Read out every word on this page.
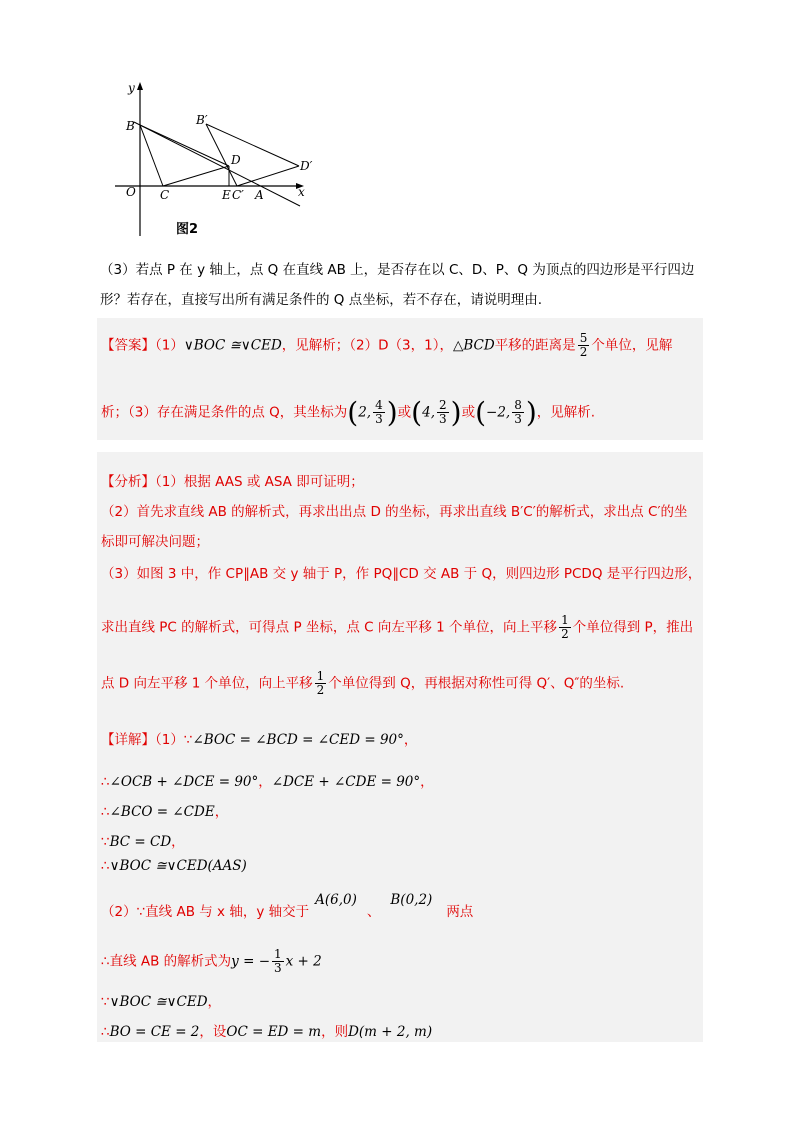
y
x
B	B′
D	D′
O C	E C′ A
图2
（3）若点 P 在 y 轴上，点 Q 在直线 AB 上，是否存在以 C、D、P、Q 为顶点的四边形是平行四边
形？若存在，直接写出所有满足条件的 Q 点坐标，若不存在，请说明理由.
【答案】（1）∨BOC ≅∨CED，见解析；（2）D（3，1），△BCD平移的距离是 $\frac{5}{2}$ 个单位，见解
析；（3）存在满足条件的点 Q，其坐标为(2, $\frac{4}{3}$ )或(4, $\frac{2}{3}$ )或(−2, $\frac{8}{3}$ )，见解析.
【分析】（1）根据 AAS 或 ASA 即可证明；
（2）首先求直线 AB 的解析式，再求出出点 D 的坐标，再求出直线 B′C′的解析式，求出点 C′的坐
标即可解决问题；
（3）如图 3 中，作 CP∥AB 交 y 轴于 P，作 PQ∥CD 交 AB 于 Q，则四边形 PCDQ 是平行四边形，
求出直线 PC 的解析式，可得点 P 坐标，点 C 向左平移 1 个单位，向上平移 $\frac{1}{2}$ 个单位得到 P，推出
点 D 向左平移 1 个单位，向上平移 $\frac{1}{2}$ 个单位得到 Q，再根据对称性可得 Q′、Q″的坐标.
【详解】（1）∵∠BOC = ∠BCD = ∠CED = 90°，
∴∠OCB + ∠DCE = 90°，∠DCE + ∠CDE = 90°，
∴∠BCO = ∠CDE，
∵BC = CD，
∴∨BOC ≅∨CED(AAS)
（2）∵直线 AB 与 x 轴，y 轴交于A(6,0)、B(0,2)两点
∴直线 AB 的解析式为y = − $\frac{1}{3}$ x + 2
∵∨BOC ≅∨CED，
∴BO = CE = 2，设OC = ED = m，则D(m + 2, m)
